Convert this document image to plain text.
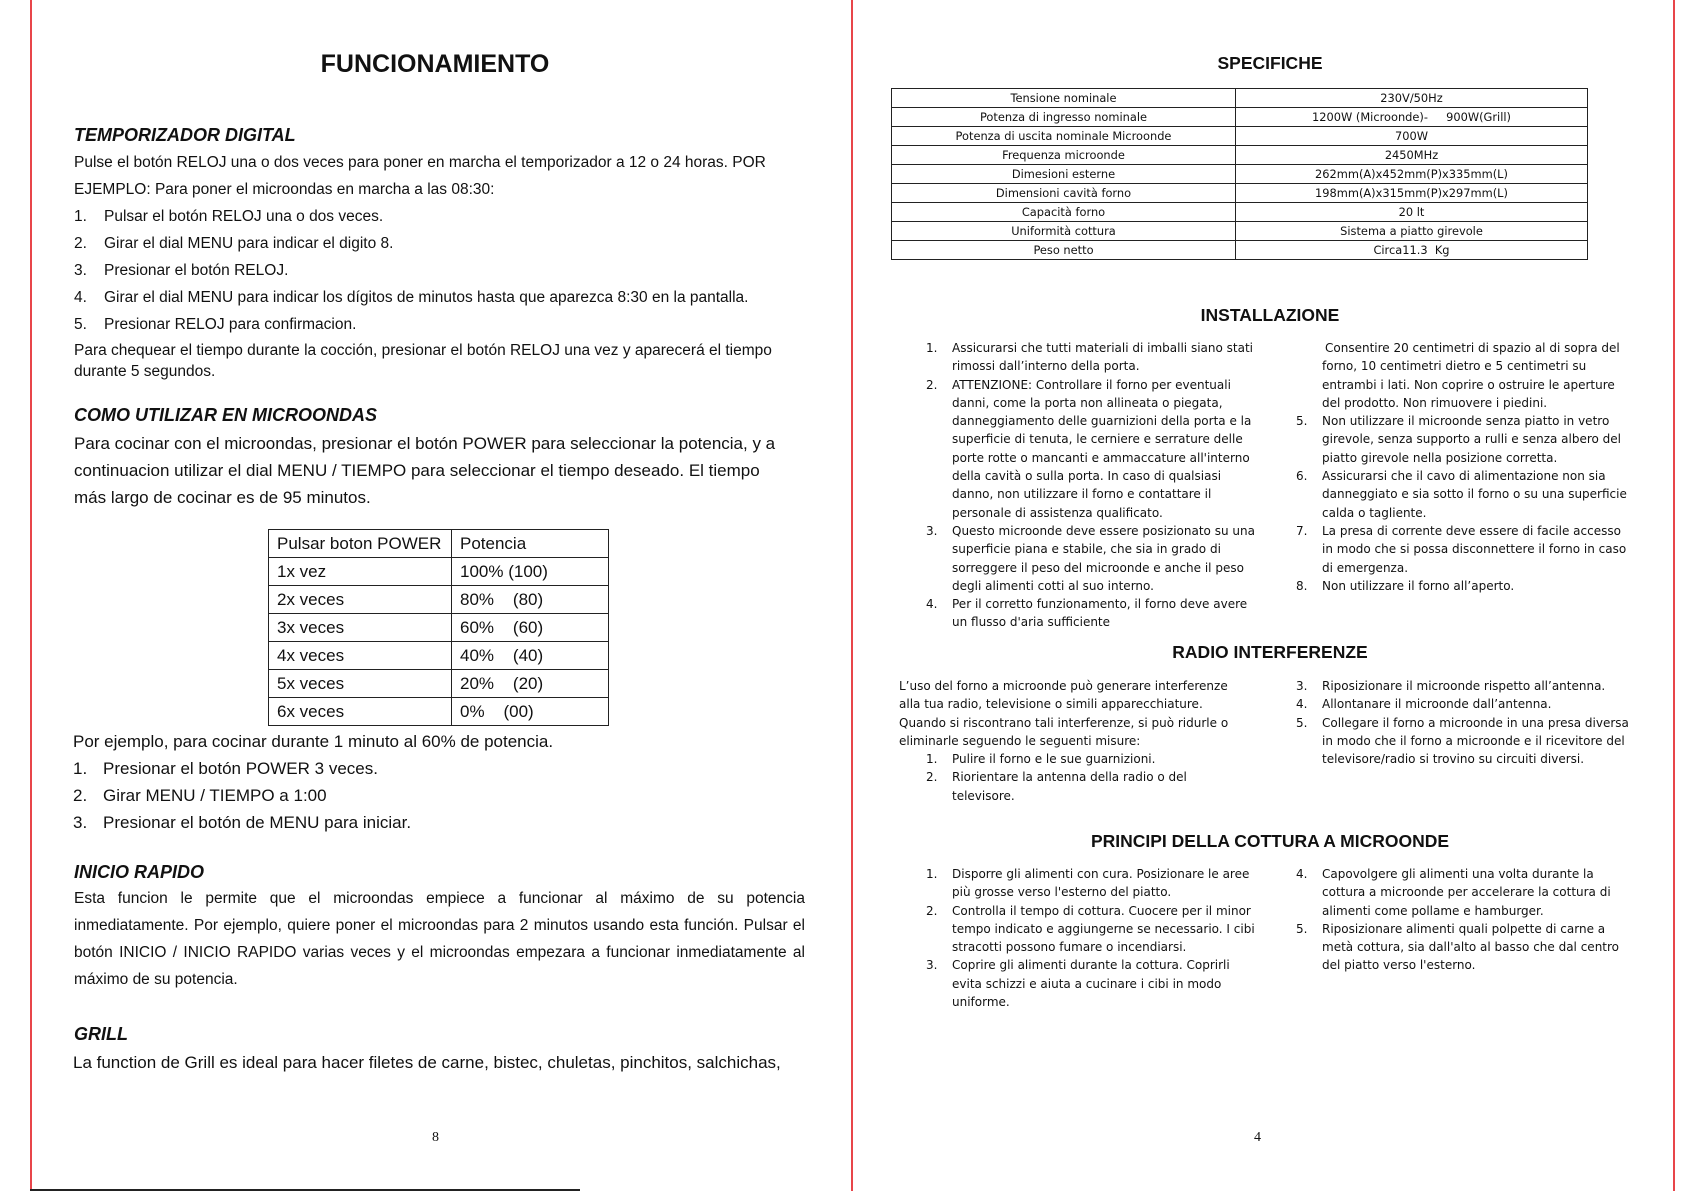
FUNCIONAMIENTO
TEMPORIZADOR DIGITAL
Pulse el botón RELOJ una o dos veces para poner en marcha el temporizador a 12 o 24 horas. POR
EJEMPLO: Para poner el microondas en marcha a las 08:30:
1. Pulsar el botón RELOJ una o dos veces.
2. Girar el dial MENU para indicar el digito 8.
3. Presionar el botón RELOJ.
4. Girar el dial MENU para indicar los dígitos de minutos hasta que aparezca 8:30 en la pantalla.
5. Presionar RELOJ para confirmacion.
Para chequear el tiempo durante la cocción, presionar el botón RELOJ una vez y aparecerá el tiempo
durante 5 segundos.
COMO UTILIZAR EN MICROONDAS
Para cocinar con el microondas, presionar el botón POWER para seleccionar la potencia, y a
continuacion utilizar el dial MENU / TIEMPO para seleccionar el tiempo deseado. El tiempo
más largo de cocinar es de 95 minutos.
Pulsar boton POWER	Potencia
1x vez	100% (100)
2x veces	80%    (80)
3x veces	60%    (60)
4x veces	40%    (40)
5x veces	20%    (20)
6x veces	0%    (00)
Por ejemplo, para cocinar durante 1 minuto al 60% de potencia.
1. Presionar el botón POWER 3 veces.
2. Girar MENU / TIEMPO a 1:00
3. Presionar el botón de MENU para iniciar.
INICIO RAPIDO
Esta funcion le permite que el microondas empiece a funcionar al máximo de su potencia
inmediatamente. Por ejemplo, quiere poner el microondas para 2 minutos usando esta función. Pulsar el
botón INICIO / INICIO RAPIDO varias veces y el microondas empezara a funcionar inmediatamente al
máximo de su potencia.
GRILL
La function de Grill es ideal para hacer filetes de carne, bistec, chuletas, pinchitos, salchichas,
8
SPECIFICHE
Tensione nominale	230V/50Hz
Potenza di ingresso nominale	1200W (Microonde)-     900W(Grill)
Potenza di uscita nominale Microonde	700W
Frequenza microonde	2450MHz
Dimesioni esterne	262mm(A)x452mm(P)x335mm(L)
Dimensioni cavità forno	198mm(A)x315mm(P)x297mm(L)
Capacità forno	20 lt
Uniformità cottura	Sistema a piatto girevole
Peso netto	Circa11.3  Kg
INSTALLAZIONE
1. Assicurarsi che tutti materiali di imballi siano stati rimossi dall’interno della porta.
2. ATTENZIONE: Controllare il forno per eventuali danni, come la porta non allineata o piegata, danneggiamento delle guarnizioni della porta e la superficie di tenuta, le cerniere e serrature delle porte rotte o mancanti e ammaccature all'interno della cavità o sulla porta. In caso di qualsiasi danno, non utilizzare il forno e contattare il personale di assistenza qualificato.
3. Questo microonde deve essere posizionato su una superficie piana e stabile, che sia in grado di sorreggere il peso del microonde e anche il peso degli alimenti cotti al suo interno.
4. Per il corretto funzionamento, il forno deve avere un flusso d'aria sufficiente
Consentire 20 centimetri di spazio al di sopra del forno, 10 centimetri dietro e 5 centimetri su entrambi i lati. Non coprire o ostruire le aperture del prodotto. Non rimuovere i piedini.
5. Non utilizzare il microonde senza piatto in vetro girevole, senza supporto a rulli e senza albero del piatto girevole nella posizione corretta.
6. Assicurarsi che il cavo di alimentazione non sia danneggiato e sia sotto il forno o su una superficie calda o tagliente.
7. La presa di corrente deve essere di facile accesso in modo che si possa disconnettere il forno in caso di emergenza.
8. Non utilizzare il forno all’aperto.
RADIO INTERFERENZE
L’uso del forno a microonde può generare interferenze alla tua radio, televisione o simili apparecchiature. Quando si riscontrano tali interferenze, si può ridurle o eliminarle seguendo le seguenti misure:
1. Pulire il forno e le sue guarnizioni.
2. Riorientare la antenna della radio o del televisore.
3. Riposizionare il microonde rispetto all’antenna.
4. Allontanare il microonde dall’antenna.
5. Collegare il forno a microonde in una presa diversa in modo che il forno a microonde e il ricevitore del televisore/radio si trovino su circuiti diversi.
PRINCIPI DELLA COTTURA A MICROONDE
1. Disporre gli alimenti con cura. Posizionare le aree più grosse verso l'esterno del piatto.
2. Controlla il tempo di cottura. Cuocere per il minor tempo indicato e aggiungerne se necessario. I cibi stracotti possono fumare o incendiarsi.
3. Coprire gli alimenti durante la cottura. Coprirli evita schizzi e aiuta a cucinare i cibi in modo uniforme.
4. Capovolgere gli alimenti una volta durante la cottura a microonde per accelerare la cottura di alimenti come pollame e hamburger.
5. Riposizionare alimenti quali polpette di carne a metà cottura, sia dall'alto al basso che dal centro del piatto verso l'esterno.
4
